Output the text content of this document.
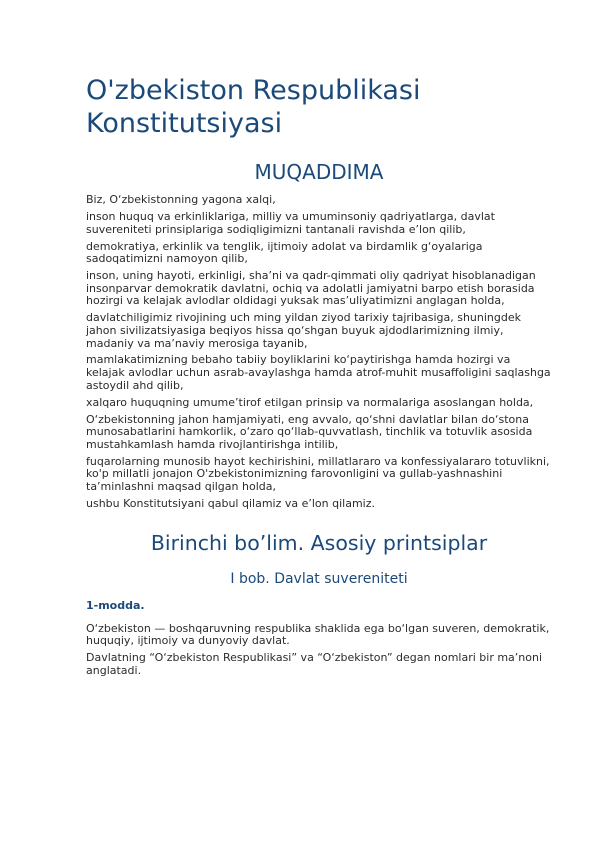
O'zbekiston Respublikasi Konstitutsiyasi
MUQADDIMA

Biz, O‘zbekistonning yagona xalqi,

inson huquq va erkinliklariga, milliy va umuminsoniy qadriyatlarga, davlat suvereniteti prinsiplariga sodiqligimizni tantanali ravishda e’lon qilib,

demokratiya, erkinlik va tenglik, ijtimoiy adolat va birdamlik g‘oyalariga sadoqatimizni namoyon qilib,

inson, uning hayoti, erkinligi, sha’ni va qadr-qimmati oliy qadriyat hisoblanadigan insonparvar demokratik davlatni, ochiq va adolatli jamiyatni barpo etish borasida hozirgi va kelajak avlodlar oldidagi yuksak mas’uliyatimizni anglagan holda,

davlatchiligimiz rivojining uch ming yildan ziyod tarixiy tajribasiga, shuningdek jahon sivilizatsiyasiga beqiyos hissa qo‘shgan buyuk ajdodlarimizning ilmiy, madaniy va ma’naviy merosiga tayanib,

mamlakatimizning bebaho tabiiy boyliklarini ko‘paytirishga hamda hozirgi va kelajak avlodlar uchun asrab-avaylashga hamda atrof-muhit musaffoligini saqlashga astoydil ahd qilib,

xalqaro huquqning umume’tirof etilgan prinsip va normalariga asoslangan holda,

O‘zbekistonning jahon hamjamiyati, eng avvalo, qo‘shni davlatlar bilan do‘stona munosabatlarini hamkorlik, o‘zaro qo‘llab-quvvatlash, tinchlik va totuvlik asosida mustahkamlash hamda rivojlantirishga intilib,

fuqarolarning munosib hayot kechirishini, millatlararo va konfessiyalararo totuvlikni, ko'p millatli jonajon O'zbekistonimizning farovonligini va gullab-yashnashini ta’minlashni maqsad qilgan holda,

ushbu Konstitutsiyani qabul qilamiz va e’lon qilamiz.

Birinchi bo’lim. Asosiy printsiplar
I bob. Davlat suvereniteti
1-modda.

O‘zbekiston — boshqaruvning respublika shaklida ega bo‘lgan suveren, demokratik, huquqiy, ijtimoiy va dunyoviy davlat.

Davlatning “O‘zbekiston Respublikasi” va “O‘zbekiston” degan nomlari bir ma’noni anglatadi.
